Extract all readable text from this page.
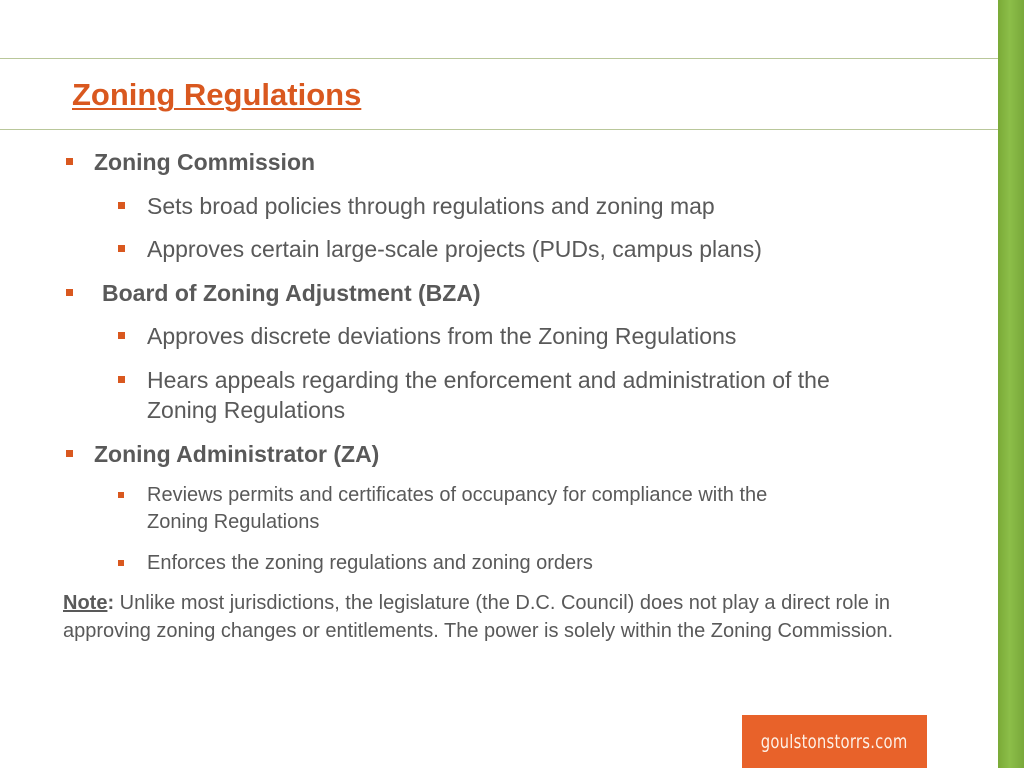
Zoning Regulations
Zoning Commission
Sets broad policies through regulations and zoning map
Approves certain large-scale projects (PUDs, campus plans)
Board of Zoning Adjustment (BZA)
Approves discrete deviations from the Zoning Regulations
Hears appeals regarding the enforcement and administration of the
Zoning Regulations
Zoning Administrator (ZA)
Reviews permits and certificates of occupancy for compliance with the
Zoning Regulations
Enforces the zoning regulations and zoning orders
Note: Unlike most jurisdictions, the legislature (the D.C. Council) does not play a direct role in approving zoning changes or entitlements. The power is solely within the Zoning Commission.
goulstonstorrs.com
